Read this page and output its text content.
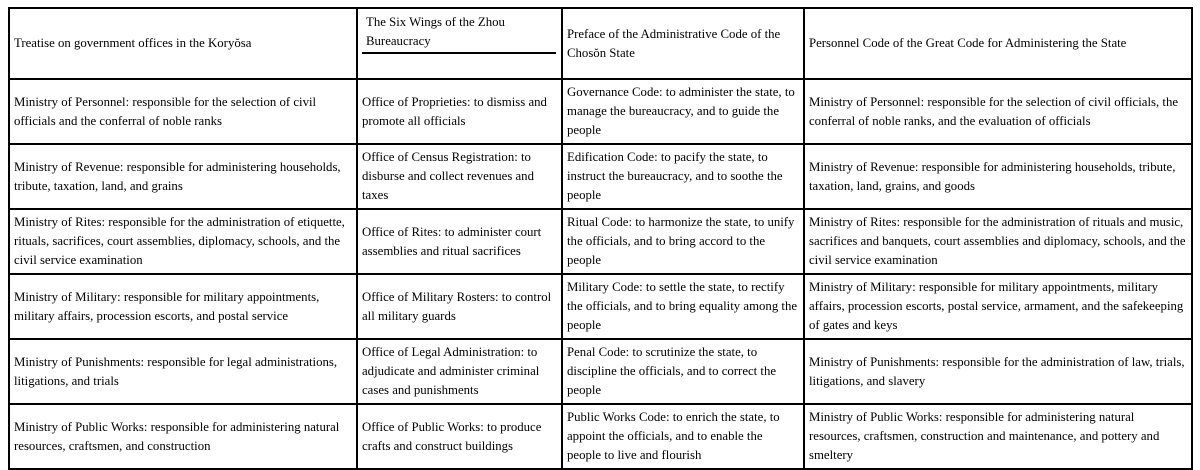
Treatise on government offices in the Koryŏsa	The Six Wings of the Zhou Bureaucracy	Preface of the Administrative Code of the Chosŏn State	Personnel Code of the Great Code for Administering the State
Ministry of Personnel: responsible for the selection of civil officials and the conferral of noble ranks	Office of Proprieties: to dismiss and promote all officials	Governance Code: to administer the state, to manage the bureaucracy, and to guide the people	Ministry of Personnel: responsible for the selection of civil officials, the conferral of noble ranks, and the evaluation of officials
Ministry of Revenue: responsible for administering households, tribute, taxation, land, and grains	Office of Census Registration: to disburse and collect revenues and taxes	Edification Code: to pacify the state, to instruct the bureaucracy, and to soothe the people	Ministry of Revenue: responsible for administering households, tribute, taxation, land, grains, and goods
Ministry of Rites: responsible for the administration of etiquette, rituals, sacrifices, court assemblies, diplomacy, schools, and the civil service examination	Office of Rites: to administer court assemblies and ritual sacrifices	Ritual Code: to harmonize the state, to unify the officials, and to bring accord to the people	Ministry of Rites: responsible for the administration of rituals and music, sacrifices and banquets, court assemblies and diplomacy, schools, and the civil service examination
Ministry of Military: responsible for military appointments, military affairs, procession escorts, and postal service	Office of Military Rosters: to control all military guards	Military Code: to settle the state, to rectify the officials, and to bring equality among the people	Ministry of Military: responsible for military appointments, military affairs, procession escorts, postal service, armament, and the safekeeping of gates and keys
Ministry of Punishments: responsible for legal administrations, litigations, and trials	Office of Legal Administration: to adjudicate and administer criminal cases and punishments	Penal Code: to scrutinize the state, to discipline the officials, and to correct the people	Ministry of Punishments: responsible for the administration of law, trials, litigations, and slavery
Ministry of Public Works: responsible for administering natural resources, craftsmen, and construction	Office of Public Works: to produce crafts and construct buildings	Public Works Code: to enrich the state, to appoint the officials, and to enable the people to live and flourish	Ministry of Public Works: responsible for administering natural resources, craftsmen, construction and maintenance, and pottery and smeltery
